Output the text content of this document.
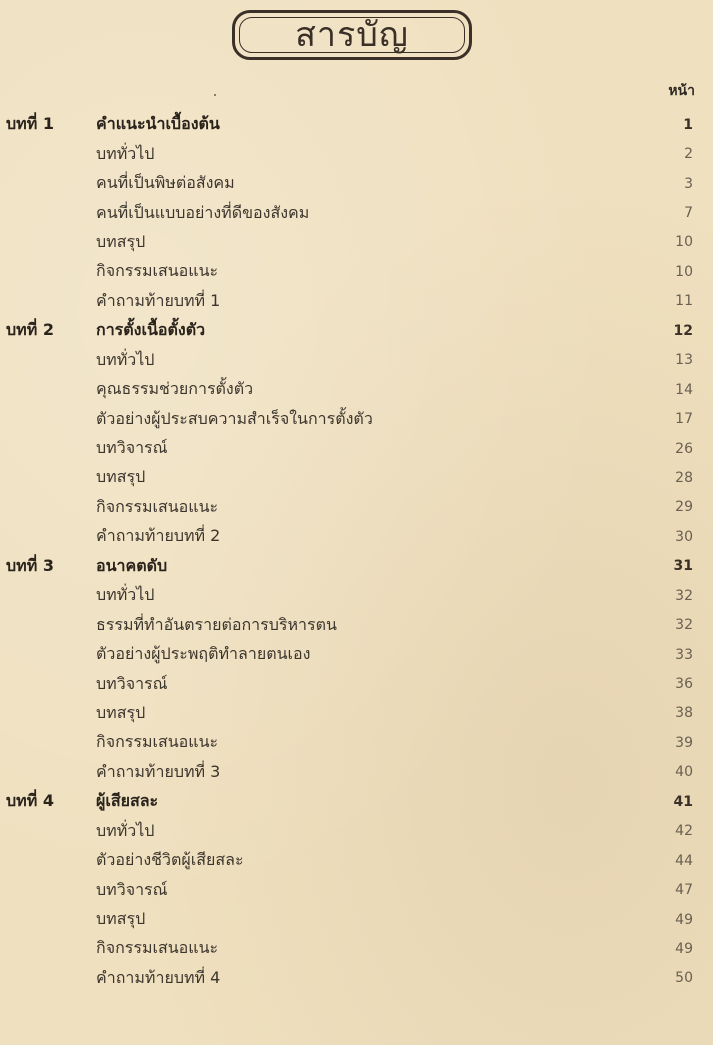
สารบัญ
หน้า
บทที่ 1	คำแนะนำเบื้องต้น	1
บททั่วไป	2
คนที่เป็นพิษต่อสังคม	3
คนที่เป็นแบบอย่างที่ดีของสังคม	7
บทสรุป	10
กิจกรรมเสนอแนะ	10
คำถามท้ายบทที่ 1	11
บทที่ 2	การตั้งเนื้อตั้งตัว	12
บททั่วไป	13
คุณธรรมช่วยการตั้งตัว	14
ตัวอย่างผู้ประสบความสำเร็จในการตั้งตัว	17
บทวิจารณ์	26
บทสรุป	28
กิจกรรมเสนอแนะ	29
คำถามท้ายบทที่ 2	30
บทที่ 3	อนาคตดับ	31
บททั่วไป	32
ธรรมที่ทำอันตรายต่อการบริหารตน	32
ตัวอย่างผู้ประพฤติทำลายตนเอง	33
บทวิจารณ์	36
บทสรุป	38
กิจกรรมเสนอแนะ	39
คำถามท้ายบทที่ 3	40
บทที่ 4	ผู้เสียสละ	41
บททั่วไป	42
ตัวอย่างชีวิตผู้เสียสละ	44
บทวิจารณ์	47
บทสรุป	49
กิจกรรมเสนอแนะ	49
คำถามท้ายบทที่ 4	50
